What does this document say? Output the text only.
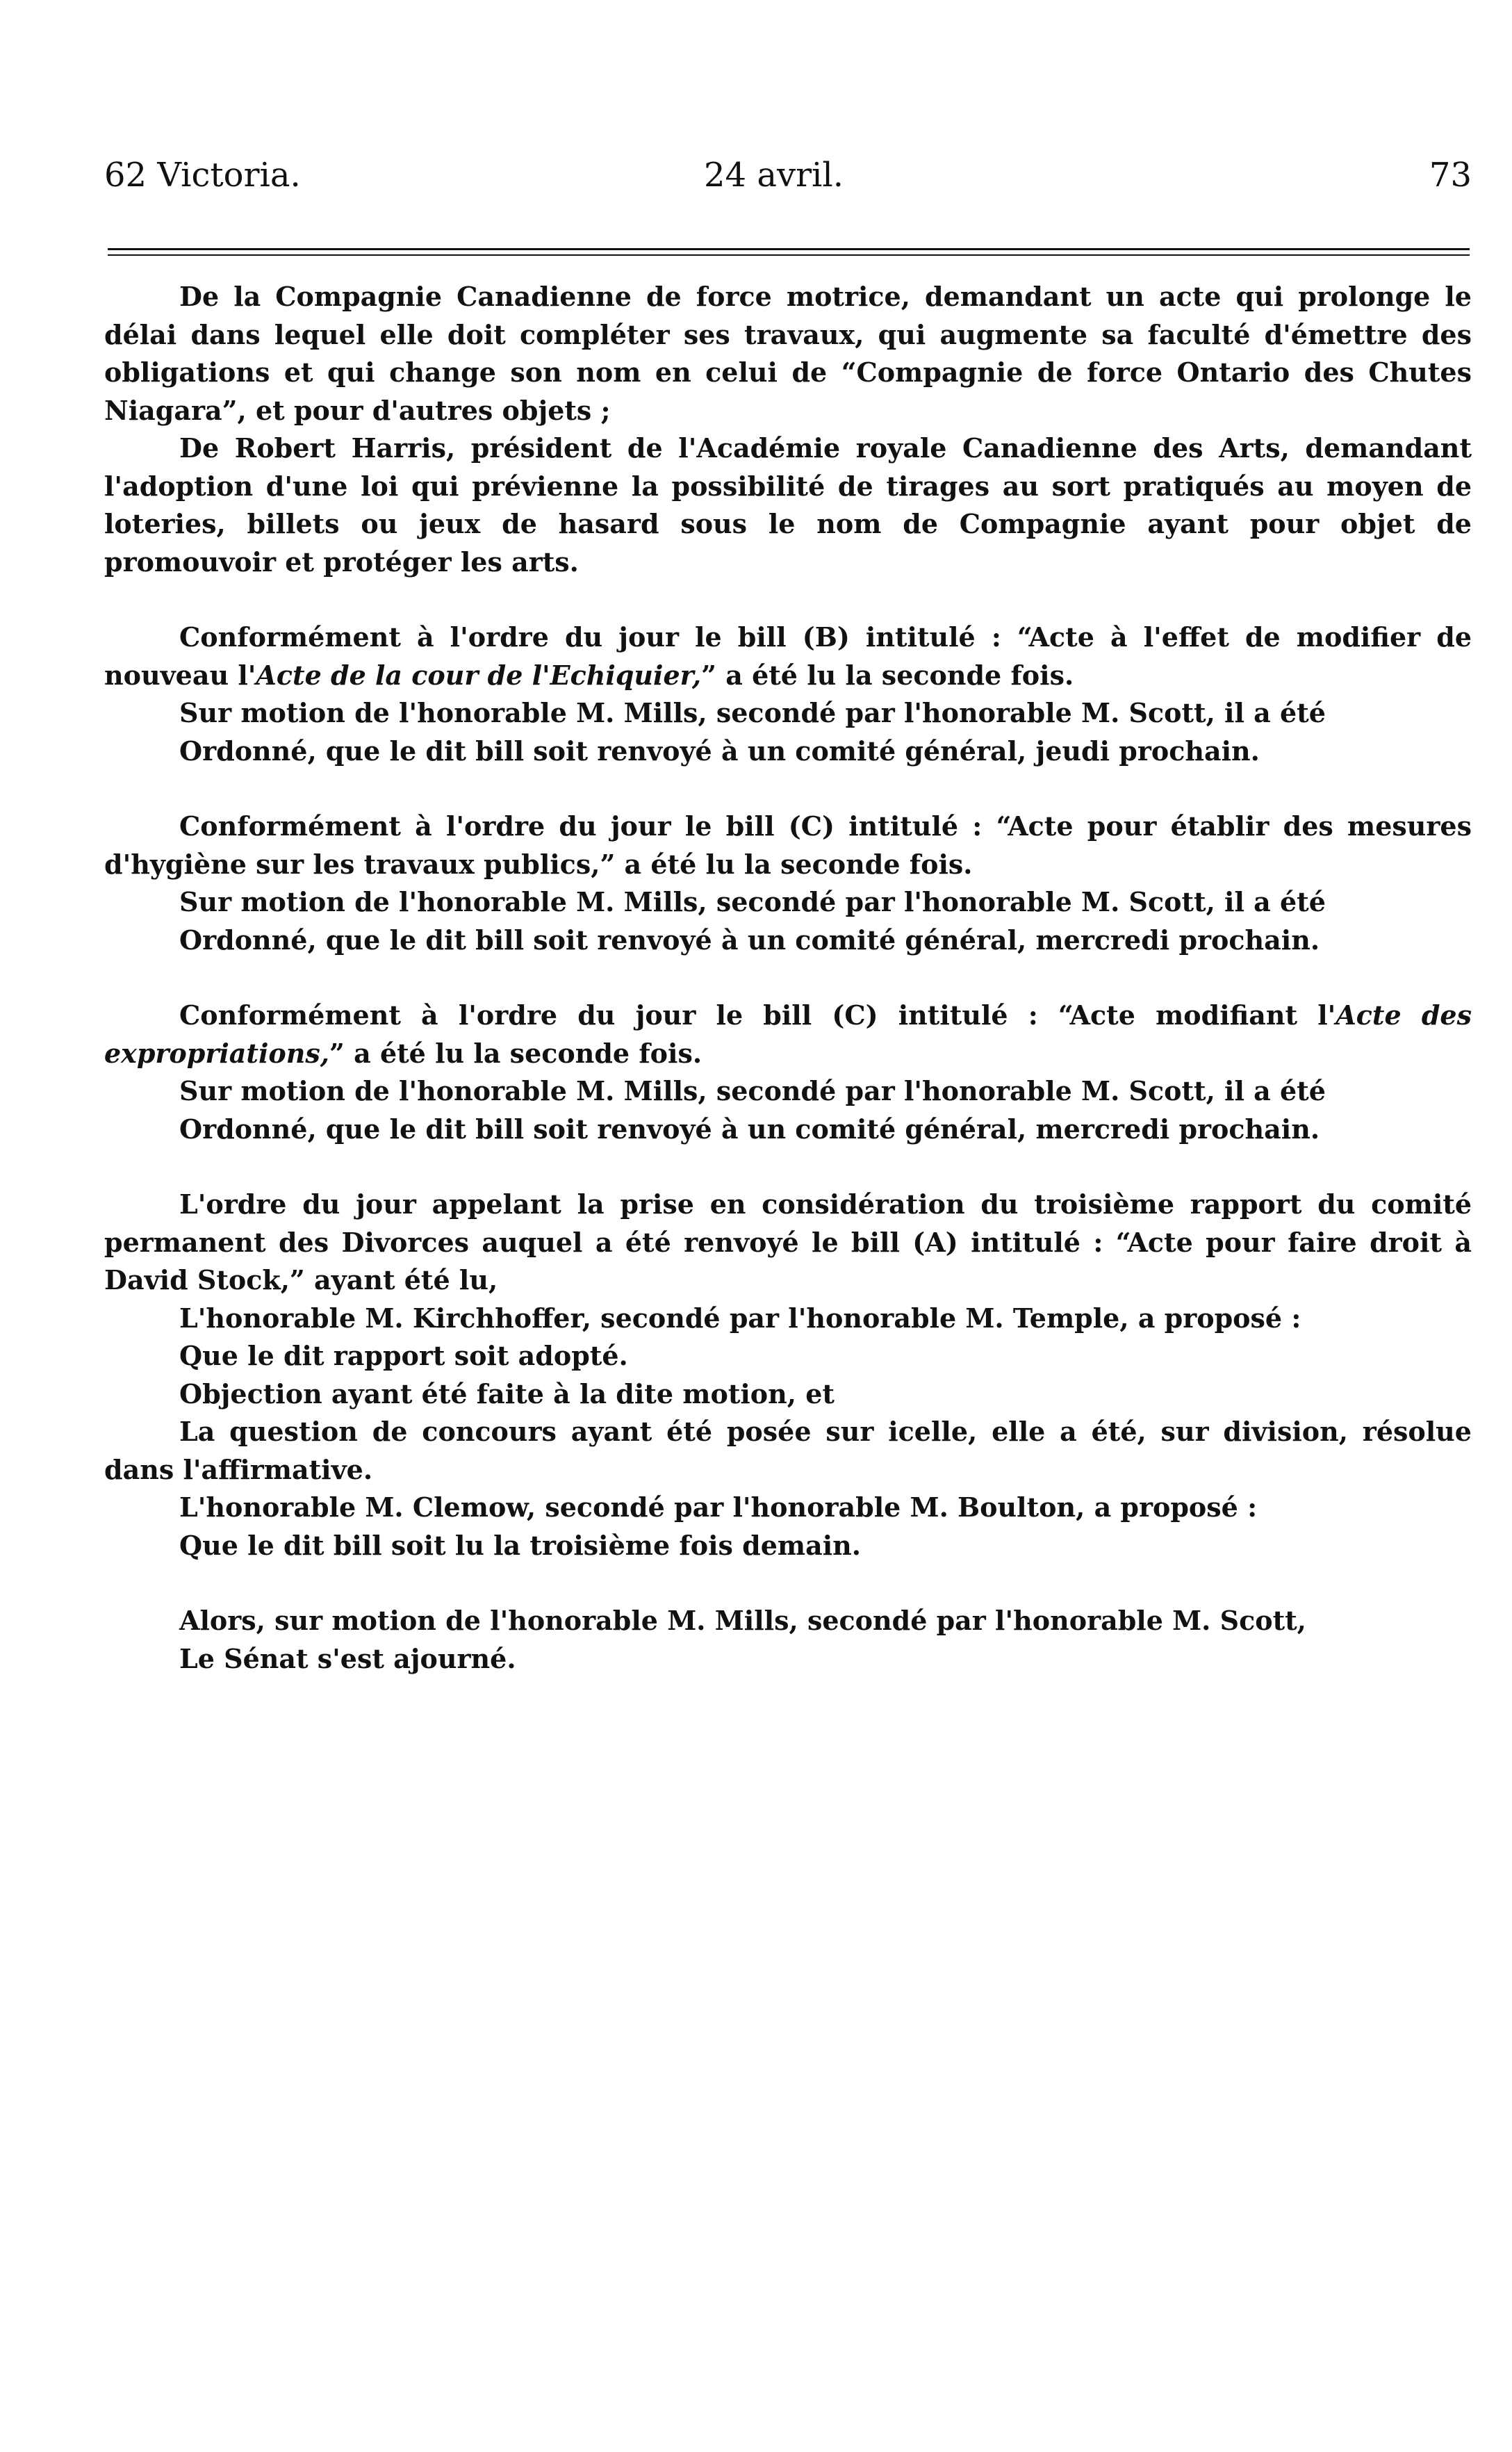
62 Victoria.	24 avril.	73

De la Compagnie Canadienne de force motrice, demandant un acte qui prolonge le délai dans lequel elle doit compléter ses travaux, qui augmente sa faculté d'émettre des obligations et qui change son nom en celui de “Compagnie de force Ontario des Chutes Niagara”, et pour d'autres objets ;

De Robert Harris, président de l'Académie royale Canadienne des Arts, demandant l'adoption d'une loi qui prévienne la possibilité de tirages au sort pratiqués au moyen de loteries, billets ou jeux de hasard sous le nom de Compagnie ayant pour objet de promouvoir et protéger les arts.

Conformément à l'ordre du jour le bill (B) intitulé : “Acte à l'effet de modifier de nouveau l'Acte de la cour de l'Echiquier,” a été lu la seconde fois.

Sur motion de l'honorable M. Mills, secondé par l'honorable M. Scott, il a été

Ordonné, que le dit bill soit renvoyé à un comité général, jeudi prochain.

Conformément à l'ordre du jour le bill (C) intitulé : “Acte pour établir des mesures d'hygiène sur les travaux publics,” a été lu la seconde fois.

Sur motion de l'honorable M. Mills, secondé par l'honorable M. Scott, il a été

Ordonné, que le dit bill soit renvoyé à un comité général, mercredi prochain.

Conformément à l'ordre du jour le bill (C) intitulé : “Acte modifiant l'Acte des expropriations,” a été lu la seconde fois.

Sur motion de l'honorable M. Mills, secondé par l'honorable M. Scott, il a été

Ordonné, que le dit bill soit renvoyé à un comité général, mercredi prochain.

L'ordre du jour appelant la prise en considération du troisième rapport du comité permanent des Divorces auquel a été renvoyé le bill (A) intitulé : “Acte pour faire droit à David Stock,” ayant été lu,

L'honorable M. Kirchhoffer, secondé par l'honorable M. Temple, a proposé :

Que le dit rapport soit adopté.

Objection ayant été faite à la dite motion, et

La question de concours ayant été posée sur icelle, elle a été, sur division, résolue dans l'affirmative.

L'honorable M. Clemow, secondé par l'honorable M. Boulton, a proposé :

Que le dit bill soit lu la troisième fois demain.

Alors, sur motion de l'honorable M. Mills, secondé par l'honorable M. Scott,

Le Sénat s'est ajourné.
